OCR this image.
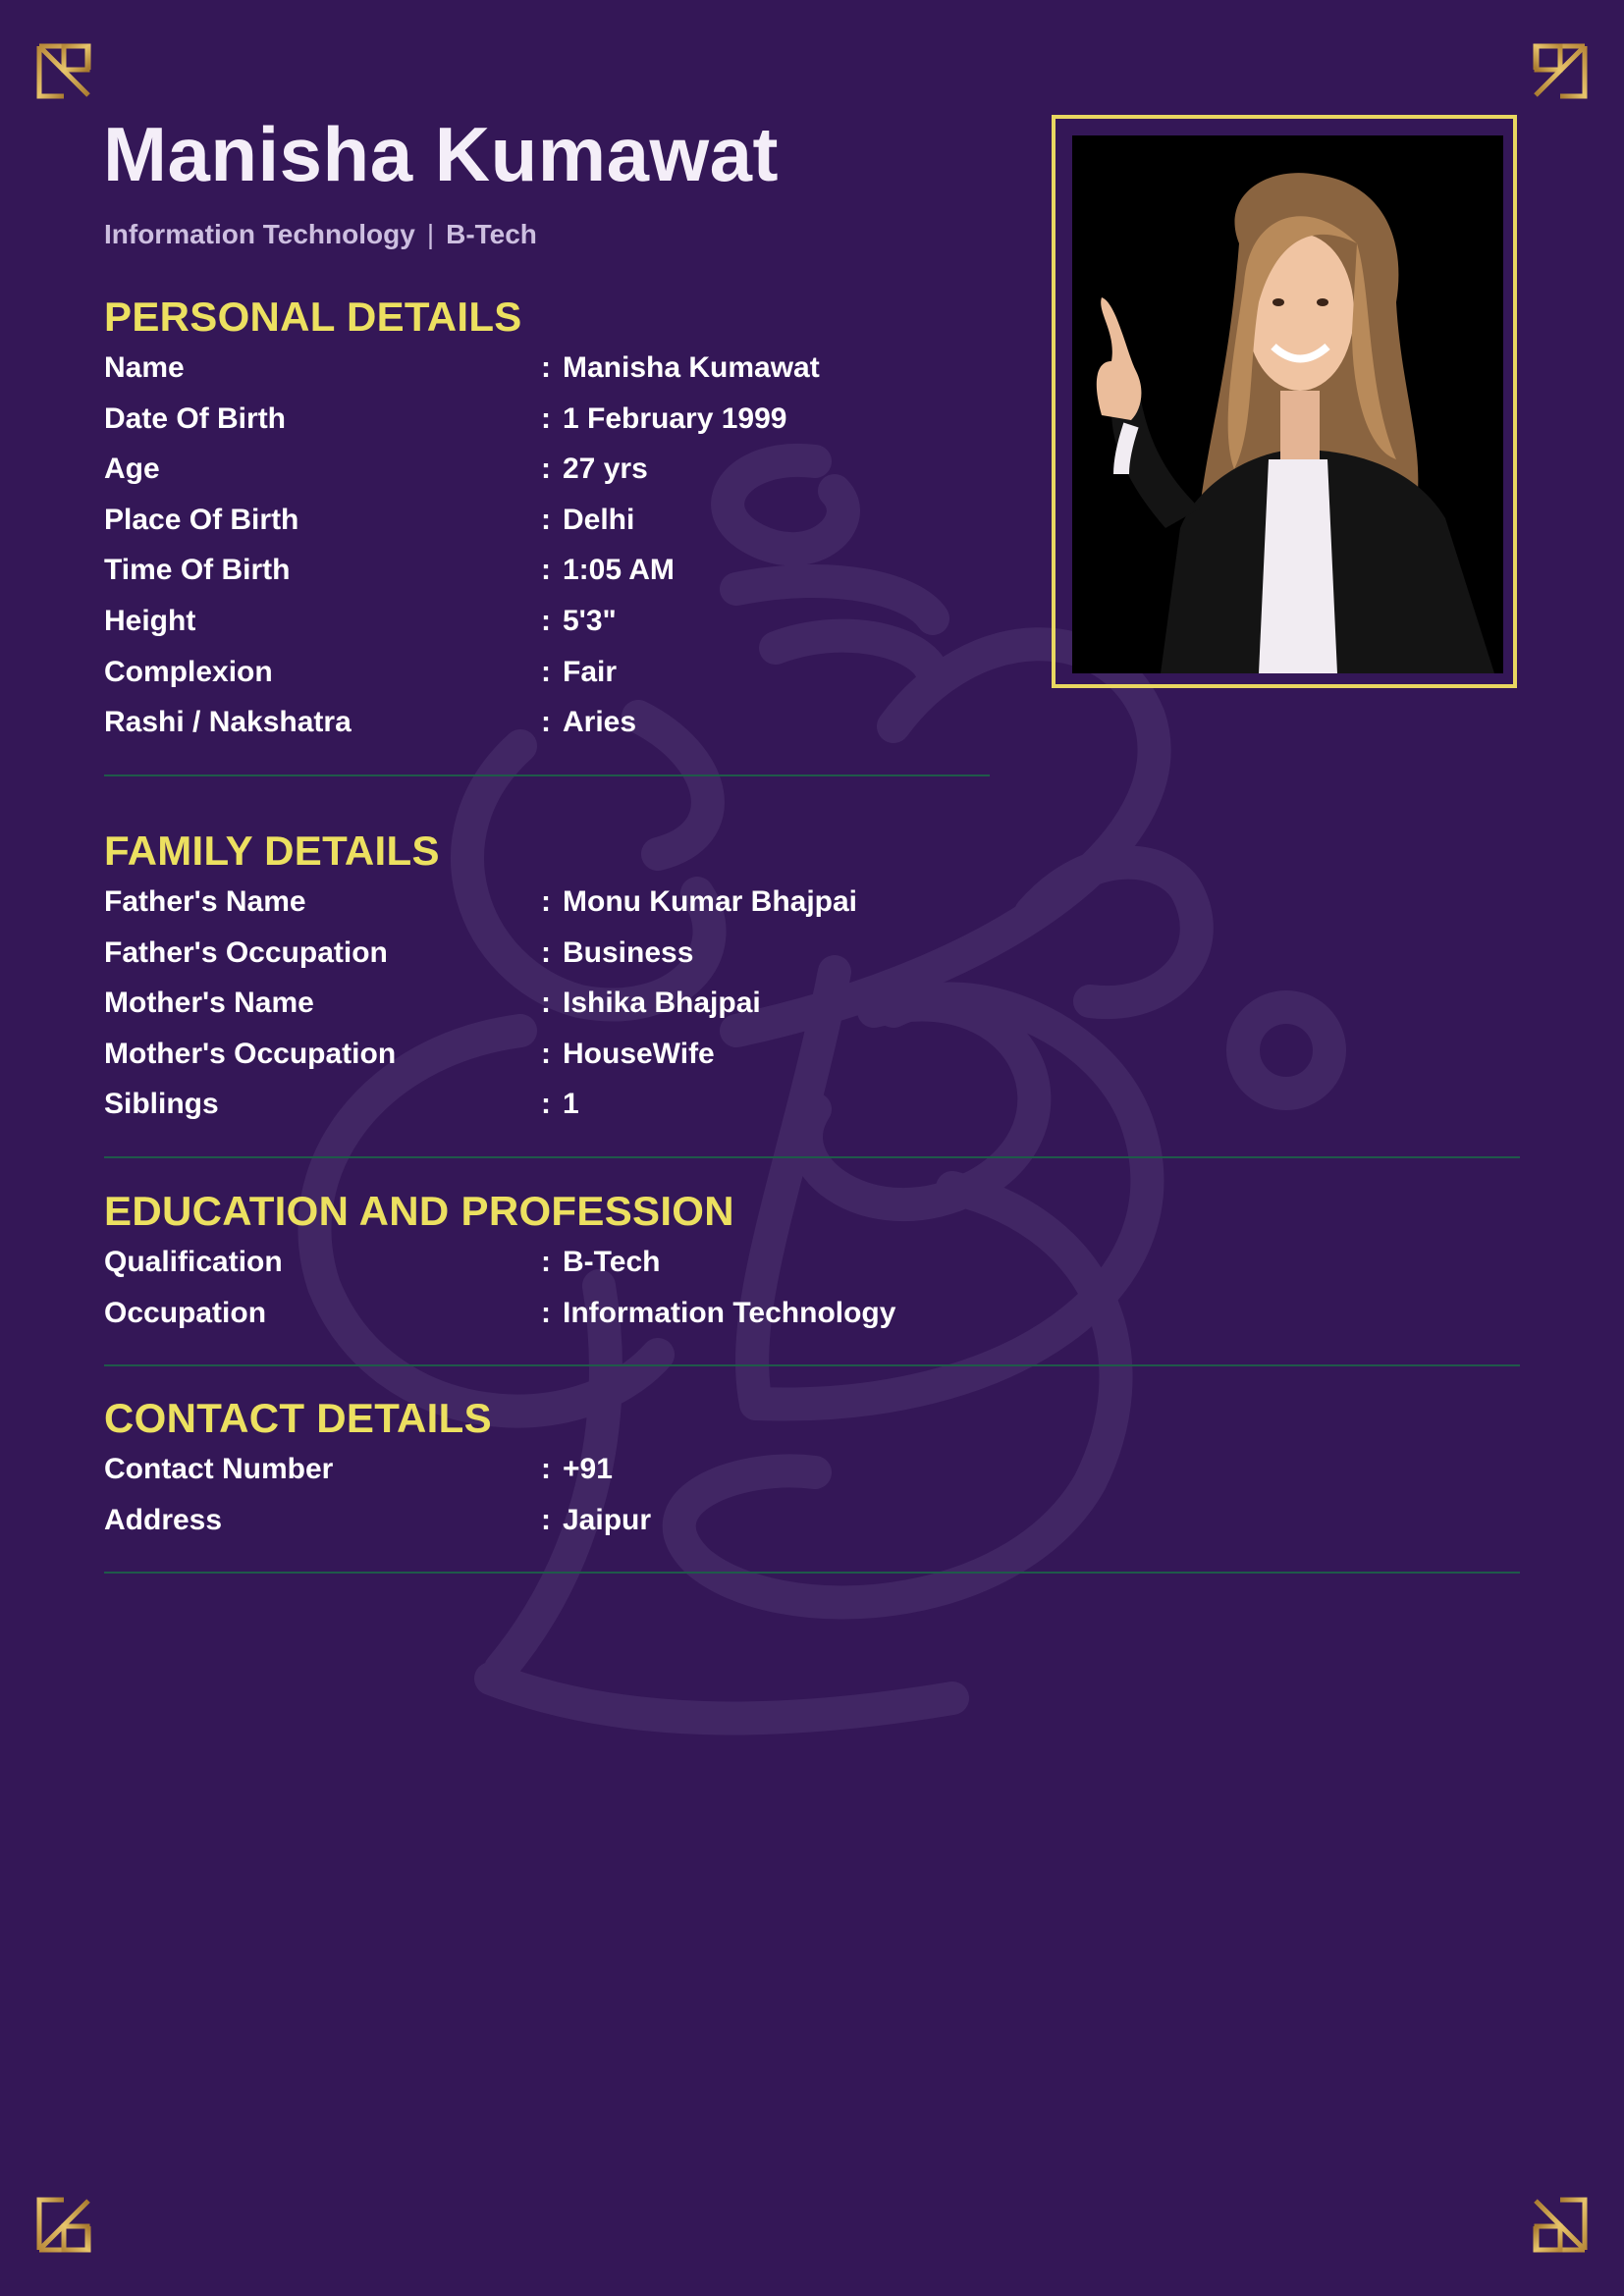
Manisha Kumawat
Information Technology | B-Tech
PERSONAL DETAILS
Name	: Manisha Kumawat
Date Of Birth	: 1 February 1999
Age	: 27 yrs
Place Of Birth	: Delhi
Time Of Birth	: 1:05 AM
Height	: 5'3"
Complexion	: Fair
Rashi / Nakshatra	: Aries
FAMILY DETAILS
Father's Name	: Monu Kumar Bhajpai
Father's Occupation	: Business
Mother's Name	: Ishika Bhajpai
Mother's Occupation	: HouseWife
Siblings	: 1
EDUCATION AND PROFESSION
Qualification	: B-Tech
Occupation	: Information Technology
CONTACT DETAILS
Contact Number	: +91
Address	: Jaipur
